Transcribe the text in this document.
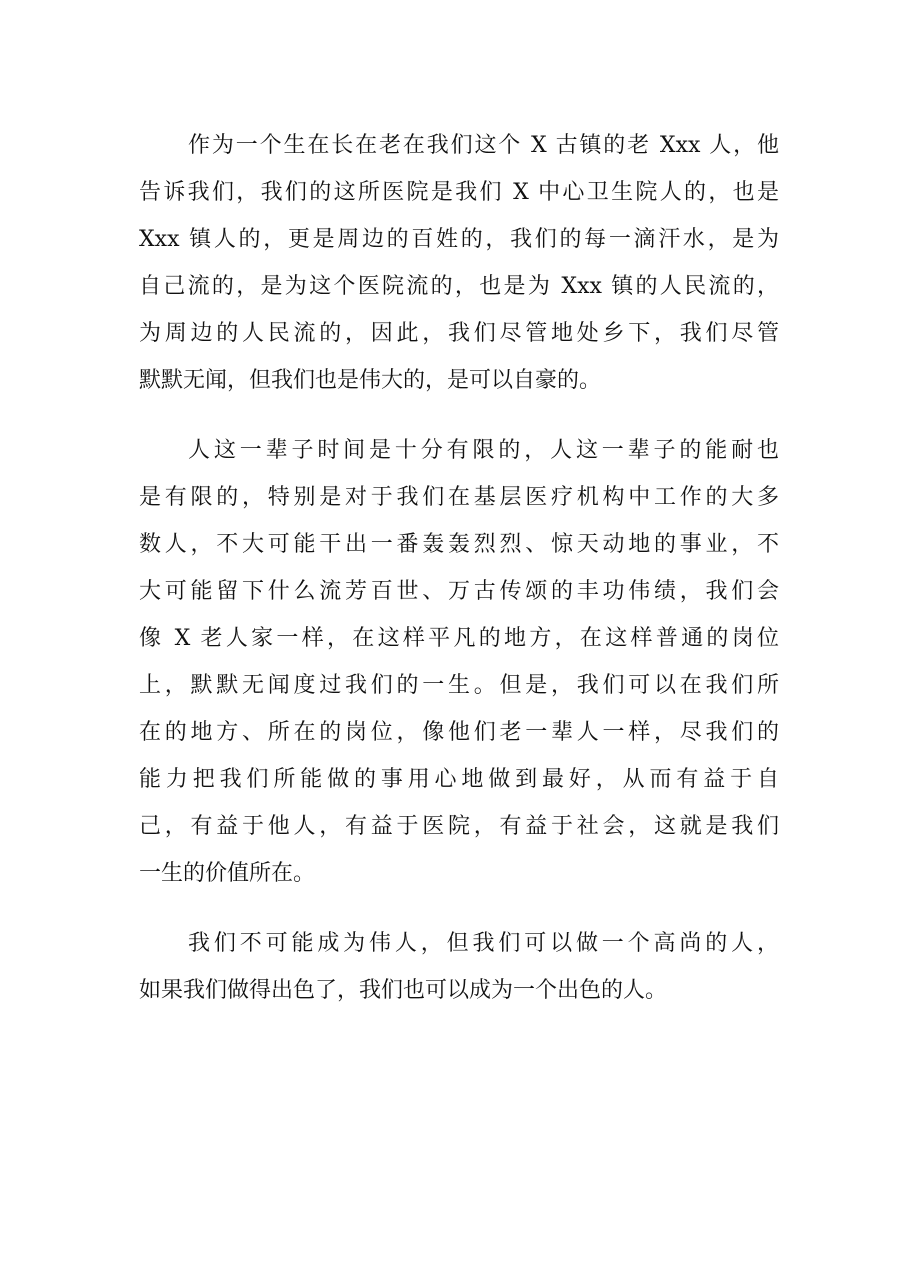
作为一个生在长在老在我们这个 X 古镇的老 Xxx 人，他
告诉我们，我们的这所医院是我们 X 中心卫生院人的，也是
Xxx 镇人的，更是周边的百姓的，我们的每一滴汗水，是为
自己流的，是为这个医院流的，也是为 Xxx 镇的人民流的，
为周边的人民流的，因此，我们尽管地处乡下，我们尽管
默默无闻，但我们也是伟大的，是可以自豪的。
人这一辈子时间是十分有限的，人这一辈子的能耐也
是有限的，特别是对于我们在基层医疗机构中工作的大多
数人，不大可能干出一番轰轰烈烈、惊天动地的事业，不
大可能留下什么流芳百世、万古传颂的丰功伟绩，我们会
像 X 老人家一样，在这样平凡的地方，在这样普通的岗位
上，默默无闻度过我们的一生。但是，我们可以在我们所
在的地方、所在的岗位，像他们老一辈人一样，尽我们的
能力把我们所能做的事用心地做到最好，从而有益于自
己，有益于他人，有益于医院，有益于社会，这就是我们
一生的价值所在。
我们不可能成为伟人，但我们可以做一个高尚的人，
如果我们做得出色了，我们也可以成为一个出色的人。
